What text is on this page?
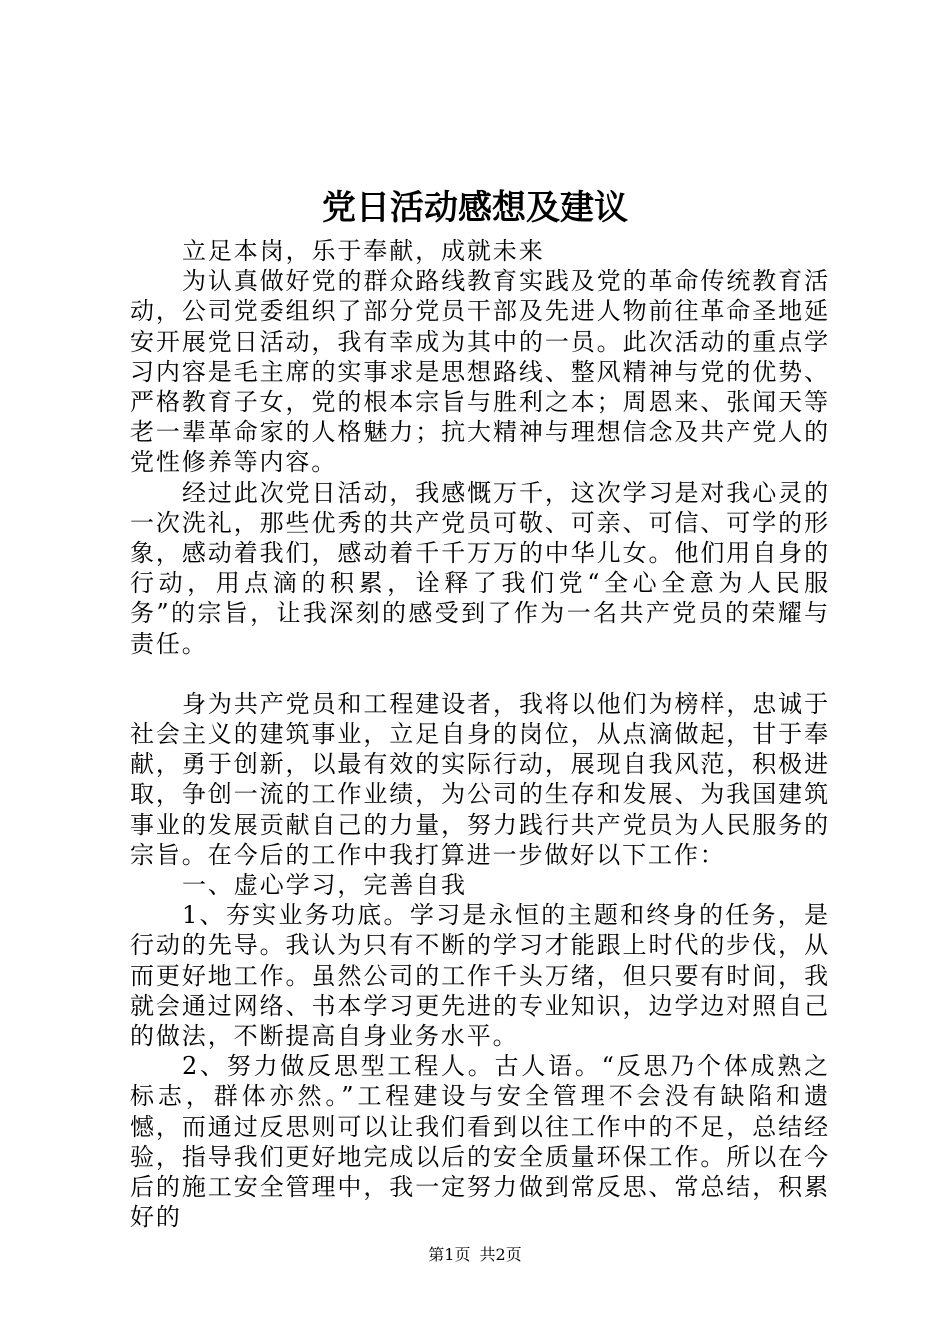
党日活动感想及建议

立足本岗，乐于奉献，成就未来

为认真做好党的群众路线教育实践及党的革命传统教育活动，公司党委组织了部分党员干部及先进人物前往革命圣地延安开展党日活动，我有幸成为其中的一员。此次活动的重点学习内容是毛主席的实事求是思想路线、整风精神与党的优势、严格教育子女，党的根本宗旨与胜利之本；周恩来、张闻天等老一辈革命家的人格魅力；抗大精神与理想信念及共产党人的党性修养等内容。

经过此次党日活动，我感慨万千，这次学习是对我心灵的一次洗礼，那些优秀的共产党员可敬、可亲、可信、可学的形象，感动着我们，感动着千千万万的中华儿女。他们用自身的行动，用点滴的积累，诠释了我们党“全心全意为人民服务”的宗旨，让我深刻的感受到了作为一名共产党员的荣耀与责任。

身为共产党员和工程建设者，我将以他们为榜样，忠诚于社会主义的建筑事业，立足自身的岗位，从点滴做起，甘于奉献，勇于创新，以最有效的实际行动，展现自我风范，积极进取，争创一流的工作业绩，为公司的生存和发展、为我国建筑事业的发展贡献自己的力量，努力践行共产党员为人民服务的宗旨。在今后的工作中我打算进一步做好以下工作：

一、虚心学习，完善自我

1、夯实业务功底。学习是永恒的主题和终身的任务，是行动的先导。我认为只有不断的学习才能跟上时代的步伐，从而更好地工作。虽然公司的工作千头万绪，但只要有时间，我就会通过网络、书本学习更先进的专业知识，边学边对照自己的做法，不断提高自身业务水平。

2、努力做反思型工程人。古人语。“反思乃个体成熟之标志，群体亦然。”工程建设与安全管理不会没有缺陷和遗憾，而通过反思则可以让我们看到以往工作中的不足，总结经验，指导我们更好地完成以后的安全质量环保工作。所以在今后的施工安全管理中，我一定努力做到常反思、常总结，积累好的

第1页 共2页
